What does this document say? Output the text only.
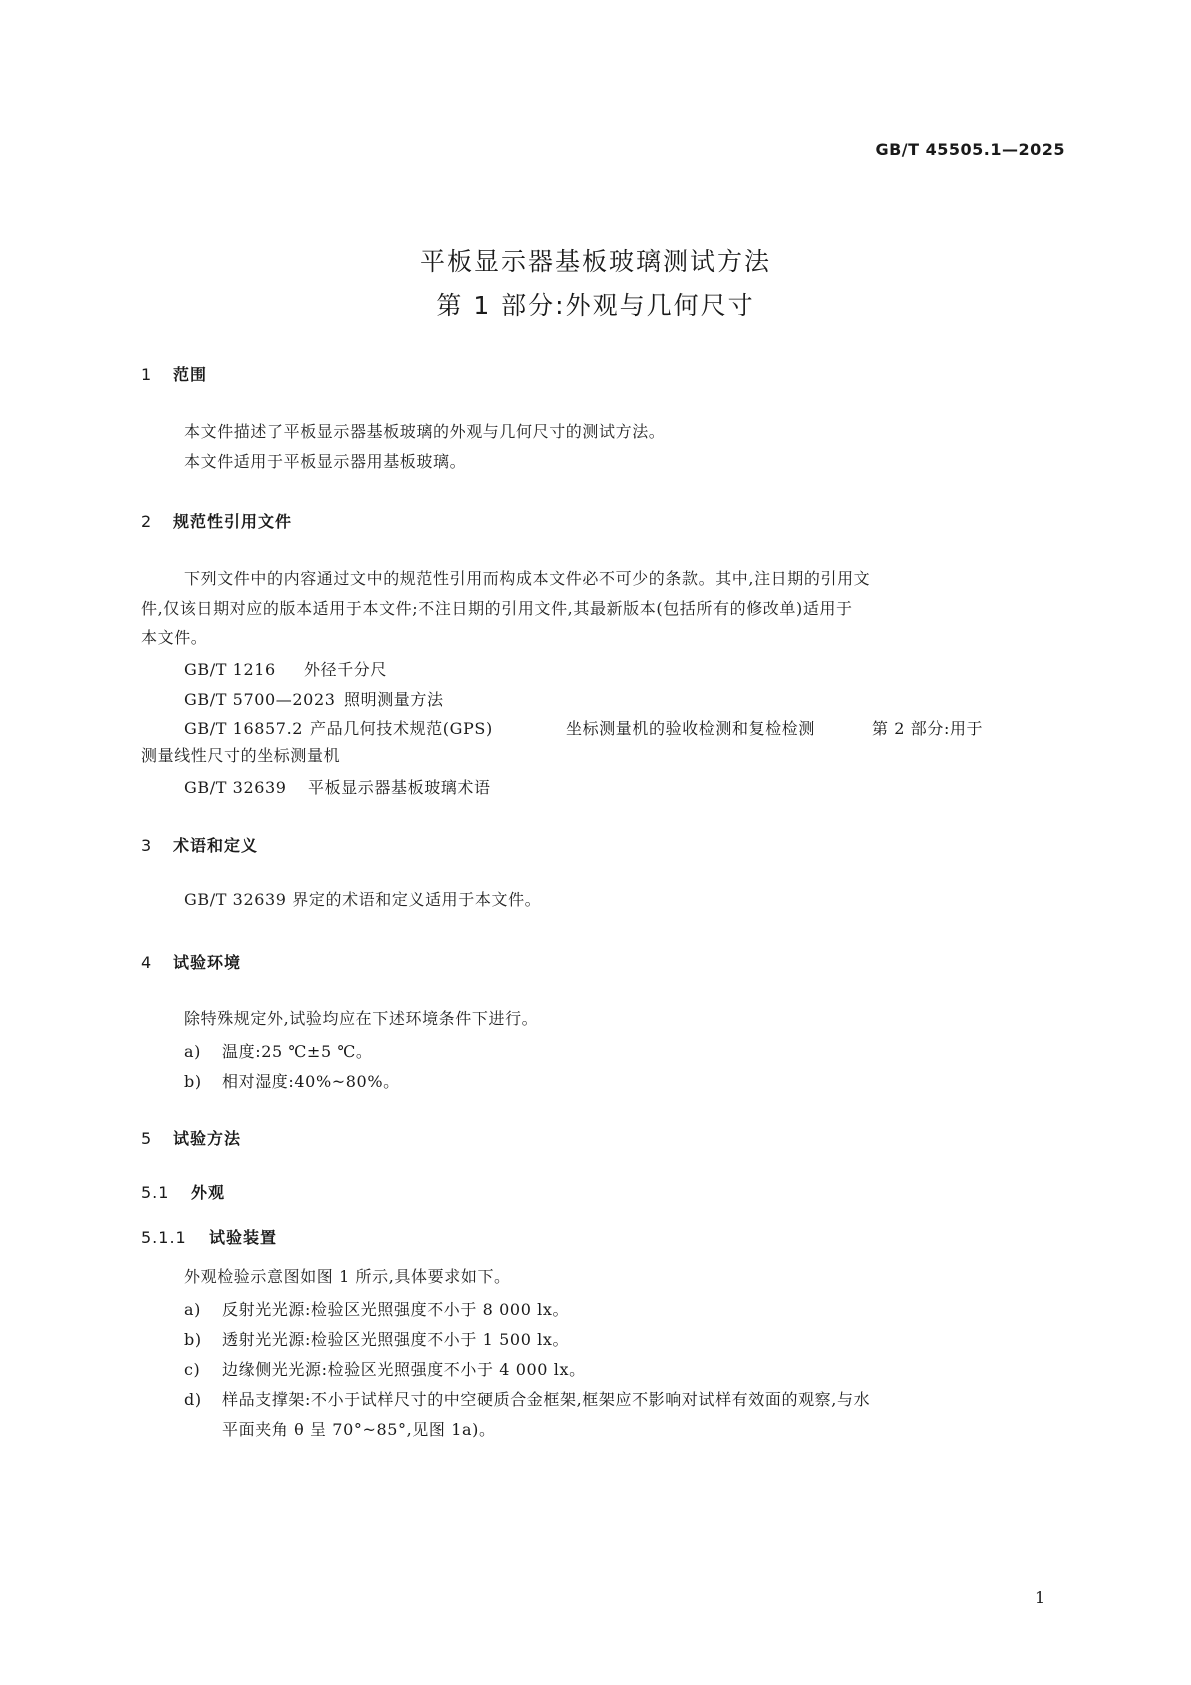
GB/T 45505.1—2025
平板显示器基板玻璃测试方法
第 1 部分:外观与几何尺寸
1 范围
本文件描述了平板显示器基板玻璃的外观与几何尺寸的测试方法。
本文件适用于平板显示器用基板玻璃。
2 规范性引用文件
下列文件中的内容通过文中的规范性引用而构成本文件必不可少的条款。其中,注日期的引用文
件,仅该日期对应的版本适用于本文件;不注日期的引用文件,其最新版本(包括所有的修改单)适用于
本文件。
GB/T 1216 外径千分尺
GB/T 5700—2023 照明测量方法
GB/T 16857.2 产品几何技术规范(GPS)	坐标测量机的验收检测和复检检测	第 2 部分:用于
测量线性尺寸的坐标测量机
GB/T 32639 平板显示器基板玻璃术语
3 术语和定义
GB/T 32639 界定的术语和定义适用于本文件。
4 试验环境
除特殊规定外,试验均应在下述环境条件下进行。
a) 温度:25 ℃±5 ℃。
b) 相对湿度:40%~80%。
5 试验方法
5.1 外观
5.1.1 试验装置
外观检验示意图如图 1 所示,具体要求如下。
a) 反射光光源:检验区光照强度不小于 8 000 lx。
b) 透射光光源:检验区光照强度不小于 1 500 lx。
c) 边缘侧光光源:检验区光照强度不小于 4 000 lx。
d) 样品支撑架:不小于试样尺寸的中空硬质合金框架,框架应不影响对试样有效面的观察,与水
平面夹角 θ 呈 70°~85°,见图 1a)。
1
